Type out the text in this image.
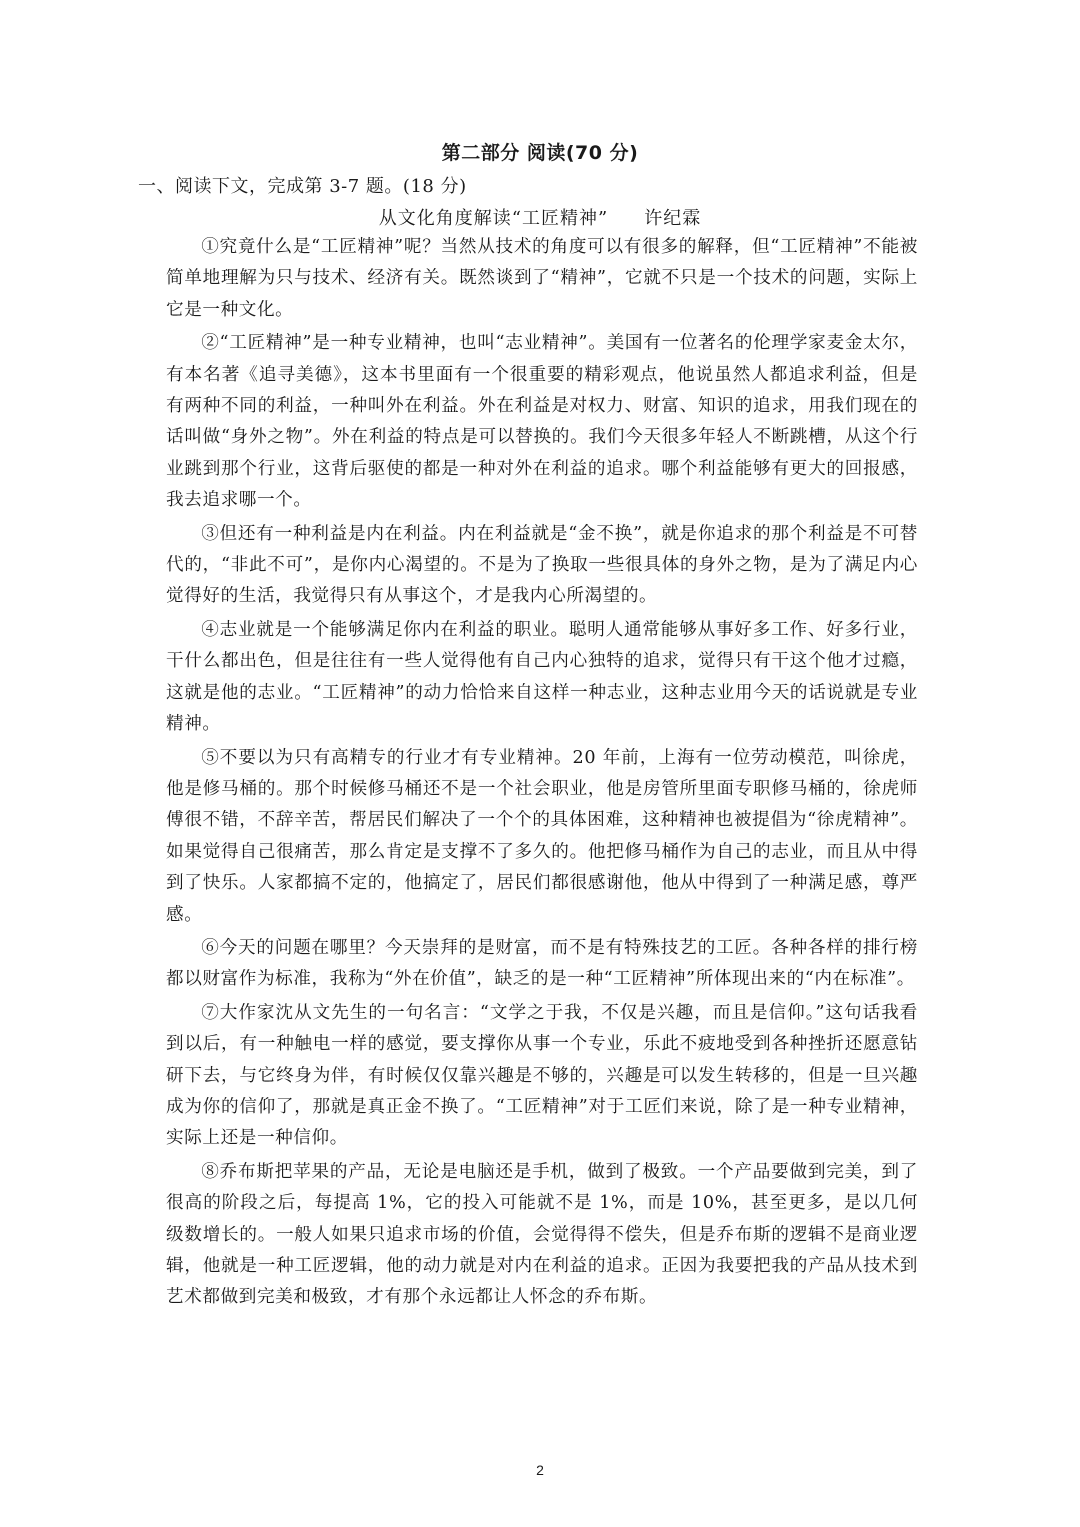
第二部分 阅读(70 分)

一、阅读下文，完成第 3-7 题。(18 分)

从文化角度解读“工匠精神” 许纪霖

①究竟什么是“工匠精神”呢？当然从技术的角度可以有很多的解释，但“工匠精神”不能被简单地理解为只与技术、经济有关。既然谈到了“精神”，它就不只是一个技术的问题，实际上它是一种文化。

②“工匠精神”是一种专业精神，也叫“志业精神”。美国有一位著名的伦理学家麦金太尔，有本名著《追寻美德》，这本书里面有一个很重要的精彩观点，他说虽然人都追求利益，但是有两种不同的利益，一种叫外在利益。外在利益是对权力、财富、知识的追求，用我们现在的话叫做“身外之物”。外在利益的特点是可以替换的。我们今天很多年轻人不断跳槽，从这个行业跳到那个行业，这背后驱使的都是一种对外在利益的追求。哪个利益能够有更大的回报感，我去追求哪一个。

③但还有一种利益是内在利益。内在利益就是“金不换”，就是你追求的那个利益是不可替代的，“非此不可”，是你内心渴望的。不是为了换取一些很具体的身外之物，是为了满足内心觉得好的生活，我觉得只有从事这个，才是我内心所渴望的。

④志业就是一个能够满足你内在利益的职业。聪明人通常能够从事好多工作、好多行业，干什么都出色，但是往往有一些人觉得他有自己内心独特的追求，觉得只有干这个他才过瘾，这就是他的志业。“工匠精神”的动力恰恰来自这样一种志业，这种志业用今天的话说就是专业精神。

⑤不要以为只有高精专的行业才有专业精神。20 年前，上海有一位劳动模范，叫徐虎，他是修马桶的。那个时候修马桶还不是一个社会职业，他是房管所里面专职修马桶的，徐虎师傅很不错，不辞辛苦，帮居民们解决了一个个的具体困难，这种精神也被提倡为“徐虎精神”。如果觉得自己很痛苦，那么肯定是支撑不了多久的。他把修马桶作为自己的志业，而且从中得到了快乐。人家都搞不定的，他搞定了，居民们都很感谢他，他从中得到了一种满足感，尊严感。

⑥今天的问题在哪里？今天崇拜的是财富，而不是有特殊技艺的工匠。各种各样的排行榜都以财富作为标准，我称为“外在价值”，缺乏的是一种“工匠精神”所体现出来的“内在标准”。

⑦大作家沈从文先生的一句名言：“文学之于我，不仅是兴趣，而且是信仰。”这句话我看到以后，有一种触电一样的感觉，要支撑你从事一个专业，乐此不疲地受到各种挫折还愿意钻研下去，与它终身为伴，有时候仅仅靠兴趣是不够的，兴趣是可以发生转移的，但是一旦兴趣成为你的信仰了，那就是真正金不换了。“工匠精神”对于工匠们来说，除了是一种专业精神，实际上还是一种信仰。

⑧乔布斯把苹果的产品，无论是电脑还是手机，做到了极致。一个产品要做到完美，到了很高的阶段之后，每提高 1%，它的投入可能就不是 1%，而是 10%，甚至更多，是以几何级数增长的。一般人如果只追求市场的价值，会觉得得不偿失，但是乔布斯的逻辑不是商业逻辑，他就是一种工匠逻辑，他的动力就是对内在利益的追求。正因为我要把我的产品从技术到艺术都做到完美和极致，才有那个永远都让人怀念的乔布斯。

2
